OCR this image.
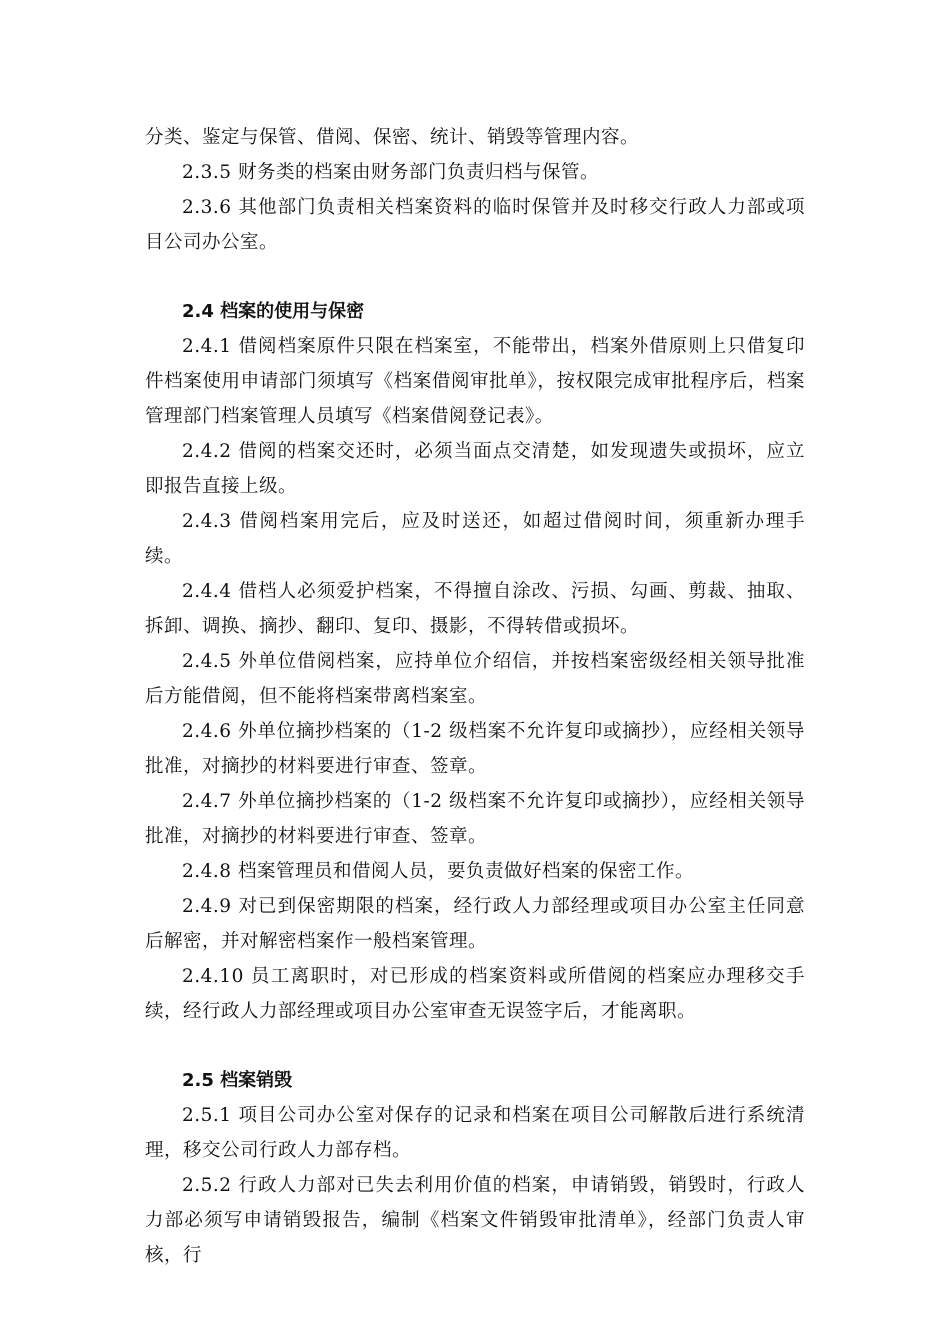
分类、鉴定与保管、借阅、保密、统计、销毁等管理内容。

2.3.5 财务类的档案由财务部门负责归档与保管。

2.3.6 其他部门负责相关档案资料的临时保管并及时移交行政人力部或项目公司办公室。

2.4 档案的使用与保密

2.4.1 借阅档案原件只限在档案室，不能带出，档案外借原则上只借复印件档案使用申请部门须填写《档案借阅审批单》，按权限完成审批程序后，档案管理部门档案管理人员填写《档案借阅登记表》。

2.4.2 借阅的档案交还时，必须当面点交清楚，如发现遗失或损坏，应立即报告直接上级。

2.4.3 借阅档案用完后，应及时送还，如超过借阅时间，须重新办理手续。

2.4.4 借档人必须爱护档案，不得擅自涂改、污损、勾画、剪裁、抽取、拆卸、调换、摘抄、翻印、复印、摄影，不得转借或损坏。

2.4.5 外单位借阅档案，应持单位介绍信，并按档案密级经相关领导批准后方能借阅，但不能将档案带离档案室。

2.4.6 外单位摘抄档案的（1-2 级档案不允许复印或摘抄），应经相关领导批准，对摘抄的材料要进行审查、签章。

2.4.7 外单位摘抄档案的（1-2 级档案不允许复印或摘抄），应经相关领导批准，对摘抄的材料要进行审查、签章。

2.4.8 档案管理员和借阅人员，要负责做好档案的保密工作。

2.4.9 对已到保密期限的档案，经行政人力部经理或项目办公室主任同意后解密，并对解密档案作一般档案管理。

2.4.10 员工离职时，对已形成的档案资料或所借阅的档案应办理移交手续，经行政人力部经理或项目办公室审查无误签字后，才能离职。

2.5 档案销毁

2.5.1 项目公司办公室对保存的记录和档案在项目公司解散后进行系统清理，移交公司行政人力部存档。

2.5.2 行政人力部对已失去利用价值的档案，申请销毁，销毁时，行政人力部必须写申请销毁报告，编制《档案文件销毁审批清单》，经部门负责人审核，行
